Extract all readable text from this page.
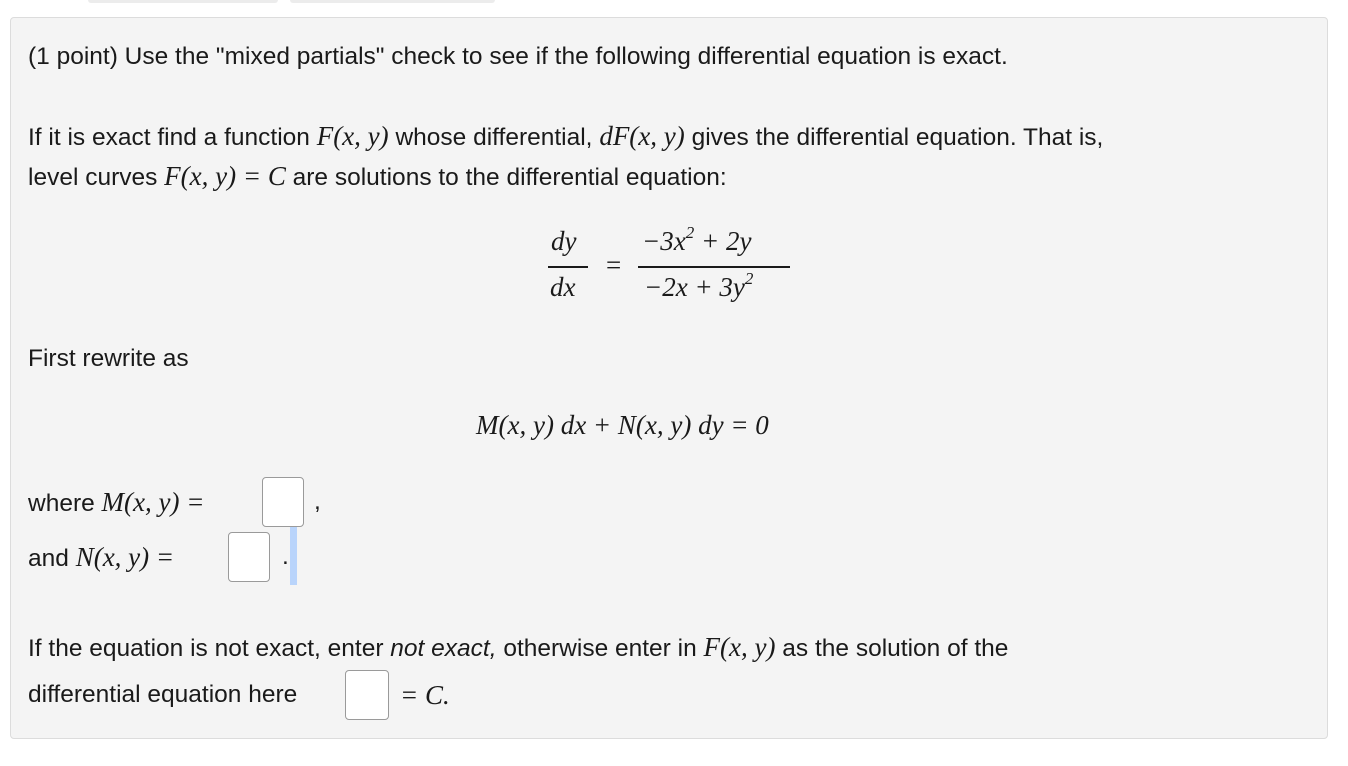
(1 point) Use the "mixed partials" check to see if the following differential equation is exact.
If it is exact find a function F(x, y) whose differential, dF(x, y) gives the differential equation. That is,
level curves F(x, y) = C are solutions to the differential equation:
dy
dx
=
$-3x^2 + 2y$
$-2x + 3y^2$
First rewrite as
M(x, y) dx + N(x, y) dy = 0
where M(x, y) =	,
and N(x, y) =	.
If the equation is not exact, enter not exact, otherwise enter in F(x, y) as the solution of the
differential equation here	= C.
